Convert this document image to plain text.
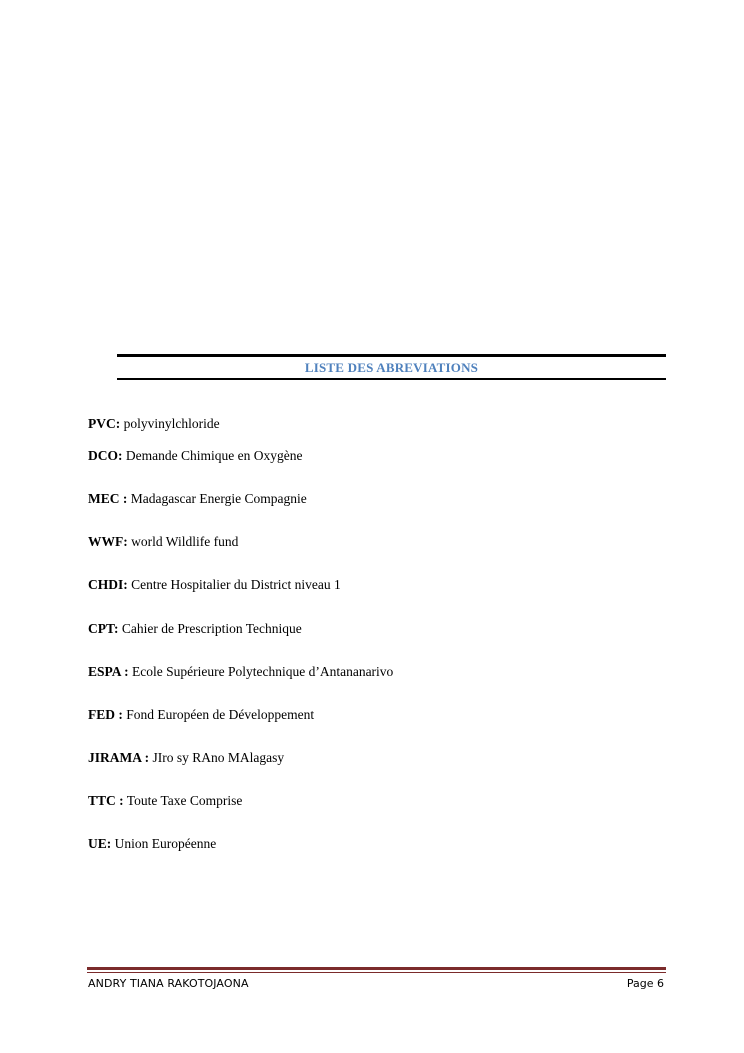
LISTE DES ABREVIATIONS
PVC: polyvinylchloride
DCO: Demande Chimique en Oxygène
MEC : Madagascar Energie Compagnie
WWF: world Wildlife fund
CHDI: Centre Hospitalier du District niveau 1
CPT: Cahier de Prescription Technique
ESPA : Ecole Supérieure Polytechnique d’Antananarivo
FED : Fond Européen de Développement
JIRAMA : JIro sy RAno MAlagasy
TTC : Toute Taxe Comprise
UE: Union Européenne
ANDRY TIANA RAKOTOJAONA	Page 6
